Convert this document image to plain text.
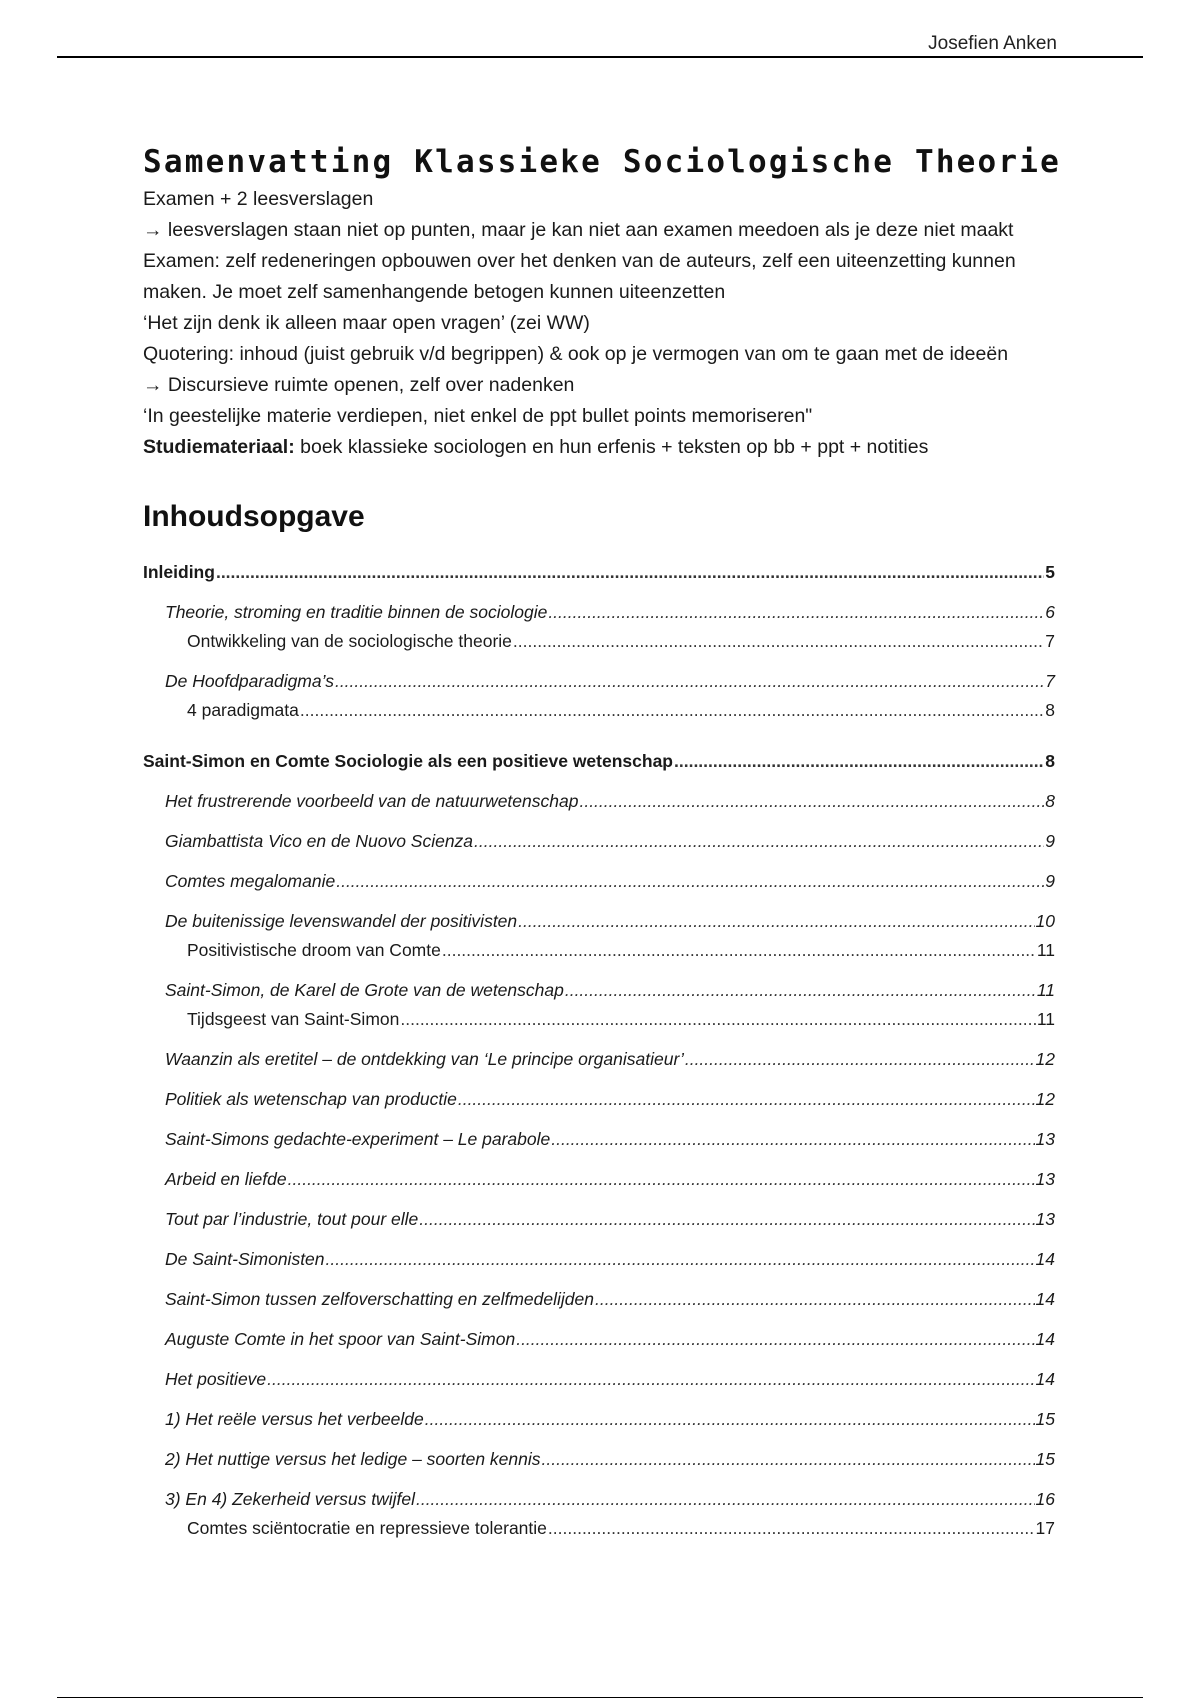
Josefien Anken
Samenvatting Klassieke Sociologische Theorie

Examen + 2 leesverslagen

→ leesverslagen staan niet op punten, maar je kan niet aan examen meedoen als je deze niet maakt

Examen: zelf redeneringen opbouwen over het denken van de auteurs, zelf een uiteenzetting kunnen

maken. Je moet zelf samenhangende betogen kunnen uiteenzetten

‘Het zijn denk ik alleen maar open vragen’ (zei WW)

Quotering: inhoud (juist gebruik v/d begrippen) & ook op je vermogen van om te gaan met de ideeën

→ Discursieve ruimte openen, zelf over nadenken

‘In geestelijke materie verdiepen, niet enkel de ppt bullet points memoriseren"

Studiemateriaal: boek klassieke sociologen en hun erfenis + teksten op bb + ppt + notities

Inhoudsopgave
Inleiding .....	5
Theorie, stroming en traditie binnen de sociologie .....	6
Ontwikkeling van de sociologische theorie .....	7
De Hoofdparadigma’s .....	7
4 paradigmata .....	8
Saint-Simon en Comte Sociologie als een positieve wetenschap .....	8
Het frustrerende voorbeeld van de natuurwetenschap .....	8
Giambattista Vico en de Nuovo Scienza .....	9
Comtes megalomanie .....	9
De buitenissige levenswandel der positivisten .....	10
Positivistische droom van Comte .....	11
Saint-Simon, de Karel de Grote van de wetenschap .....	11
Tijdsgeest van Saint-Simon .....	11
Waanzin als eretitel – de ontdekking van ‘Le principe organisatieur’ .....	12
Politiek als wetenschap van productie .....	12
Saint-Simons gedachte-experiment – Le parabole .....	13
Arbeid en liefde .....	13
Tout par l’industrie, tout pour elle .....	13
De Saint-Simonisten .....	14
Saint-Simon tussen zelfoverschatting en zelfmedelijden .....	14
Auguste Comte in het spoor van Saint-Simon .....	14
Het positieve .....	14
1) Het reële versus het verbeelde .....	15
2) Het nuttige versus het ledige – soorten kennis .....	15
3) En 4) Zekerheid versus twijfel .....	16
Comtes sciëntocratie en repressieve tolerantie .....	17
